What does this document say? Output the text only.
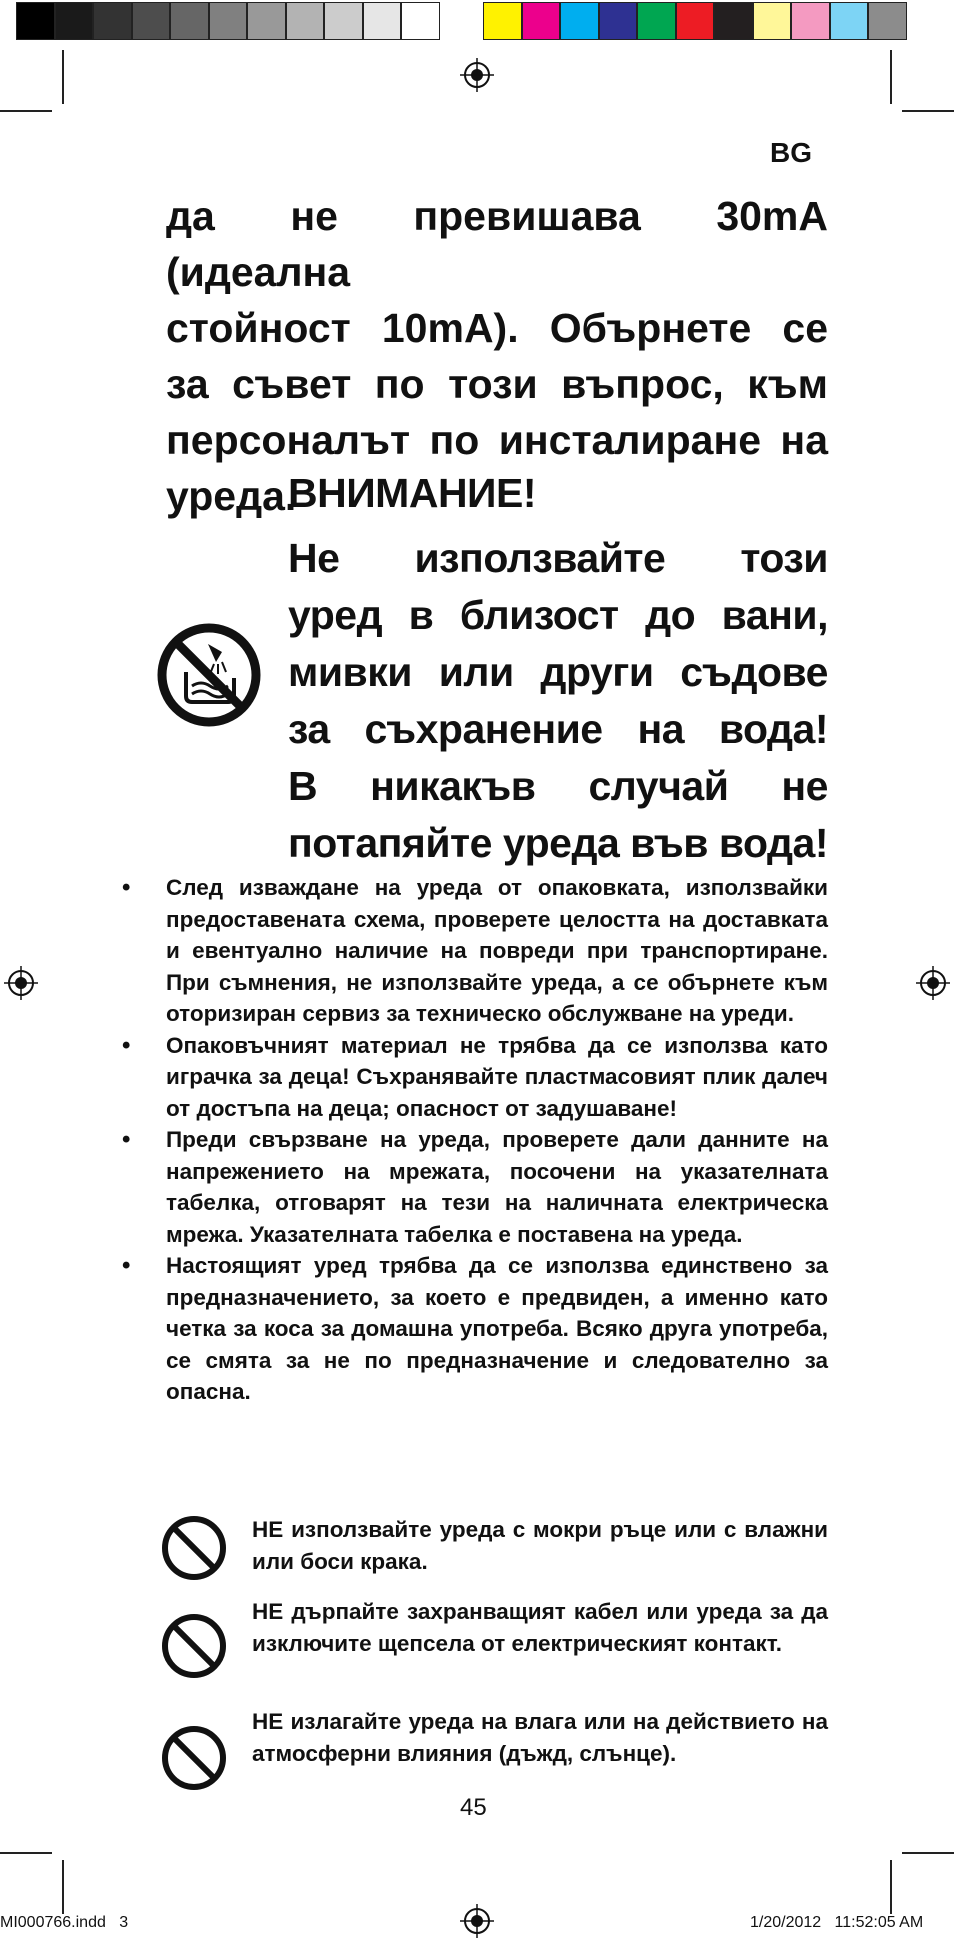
BG
да не превишава 30mA (идеална
стойност 10mA). Обърнете се
за съвет по този въпрос, към
персоналът по инсталиране на
уреда.
ВНИМАНИЕ!
Не използвайте този
уред в близост до вани,
мивки или други съдове
за съхранение на вода!
В никакъв случай не
потапяйте уреда във вода!
• След изваждане на уреда от опаковката, използвайки предоставената схема, проверете целостта на доставката и евентуално наличие на повреди при транспортиране. При съмнения, не използвайте уреда, а се обърнете към оторизиран сервиз за техническо обслужване на уреди.
• Опаковъчният материал не трябва да се използва като играчка за деца! Съхранявайте пластмасовият плик далеч от достъпа на деца; опасност от задушаване!
• Преди свързване на уреда, проверете дали данните на напрежението на мрежата, посочени на указателната табелка, отговарят на тези на наличната електрическа мрежа. Указателната табелка е поставена на уреда.
• Настоящият уред трябва да се използва единствено за предназначението, за което е предвиден, а именно като четка за коса за домашна употреба. Всяко друга употреба, се смята за не по предназначение и следователно за опасна.
НЕ използвайте уреда с мокри ръце или с влажни или боси крака.
НЕ дърпайте захранващият кабел или уреда за да изключите щепсела от електрическият контакт.
НЕ излагайте уреда на влага или на действието на атмосферни влияния (дъжд, слънце).
45
MI000766.indd   3	1/20/2012   11:52:05 AM
